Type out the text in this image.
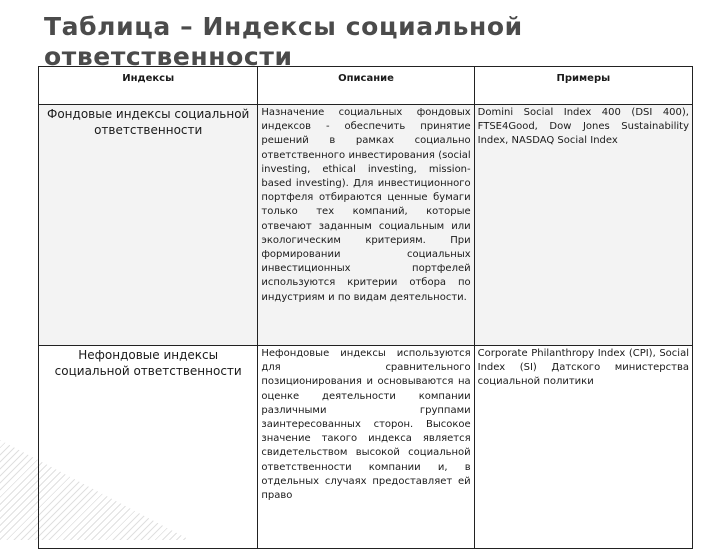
Таблица – Индексы социальной ответственности
Индексы	Описание	Примеры
Фондовые индексы социальной ответственности	Назначение социальных фондовых индексов - обеспечить принятие решений в рамках социально ответственного инвестирования (social investing, ethical investing, mission-based investing). Для инвестиционного портфеля отбираются ценные бумаги только тех компаний, которые отвечают заданным социальным или экологическим критериям. При формировании социальных инвестиционных портфелей используются критерии отбора по индустриям и по видам деятельности.	Domini Social Index 400 (DSI 400), FTSE4Good, Dow Jones Sustainability Index, NASDAQ Social Index
Нефондовые индексы социальной ответственности	Нефондовые индексы используются для сравнительного позиционирования и основываются на оценке деятельности компании различными группами заинтересованных сторон. Высокое значение такого индекса является свидетельством высокой социальной ответственности компании и, в отдельных случаях предоставляет ей право	Corporate Philanthropy Index (CPI), Social Index (SI) Датского министерства социальной политики
